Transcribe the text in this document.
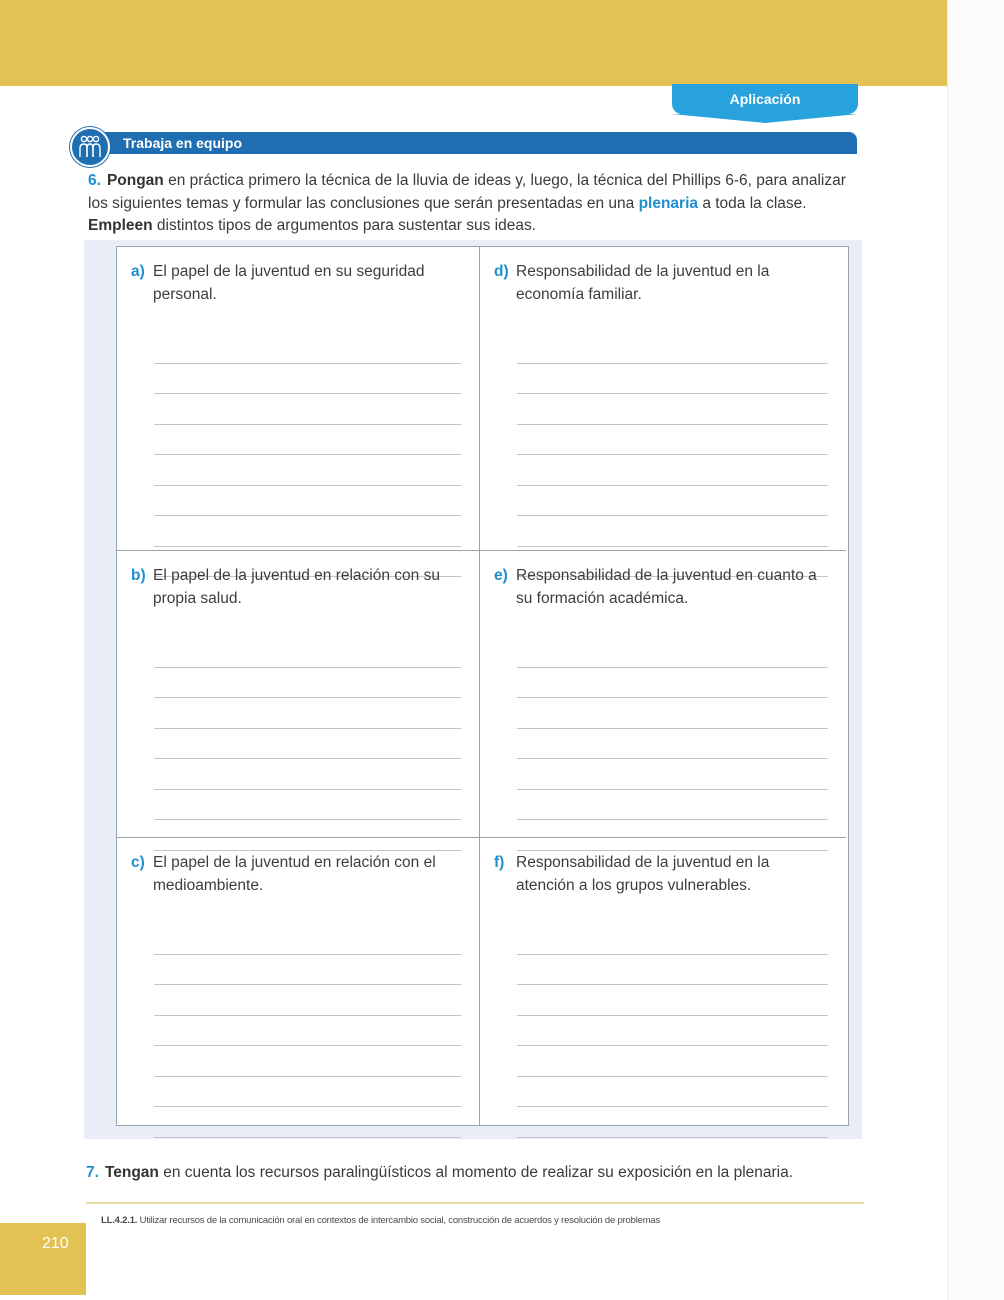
Aplicación
Trabaja en equipo
6. Pongan en práctica primero la técnica de la lluvia de ideas y, luego, la técnica del Phillips 6-6, para analizar los siguientes temas y formular las conclusiones que serán presentadas en una plenaria a toda la clase.
Empleen distintos tipos de argumentos para sustentar sus ideas.
a) El papel de la juventud en su seguridad personal.
d) Responsabilidad de la juventud en la economía familiar.
b) El papel de la juventud en relación con su propia salud.
e) Responsabilidad de la juventud en cuanto a su formación académica.
c) El papel de la juventud en relación con el medioambiente.
f) Responsabilidad de la juventud en la atención a los grupos vulnerables.
7. Tengan en cuenta los recursos paralingüísticos al momento de realizar su exposición en la plenaria.
LL.4.2.1. Utilizar recursos de la comunicación oral en contextos de intercambio social, construcción de acuerdos y resolución de problemas
210
